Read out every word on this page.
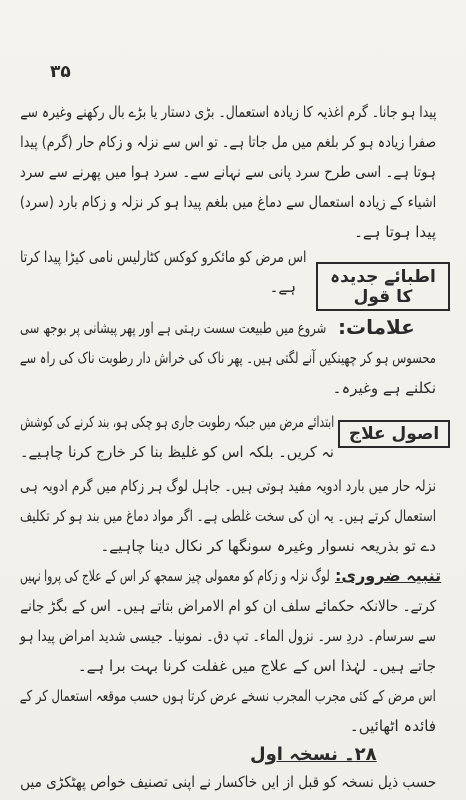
۳۵
پیدا ہو جانا۔ گرم اغذیہ کا زیادہ استعمال۔ بڑی دستار یا بڑے بال رکھنے وغیرہ سے
صفرا زیادہ ہو کر بلغم میں مل جاتا ہے۔ تو اس سے نزلہ و زکام حار (گرم) پیدا
ہوتا ہے۔ اسی طرح سرد پانی سے نہانے سے۔ سرد ہوا میں پھرنے سے سرد
اشیاء کے زیادہ استعمال سے دماغ میں بلغم پیدا ہو کر نزلہ و زکام بارد (سرد)
پیدا ہوتا ہے۔
اطبائے جدیدہ کا قول
اس مرض کو مائکرو کوکس کٹارلیس نامی کیڑا پیدا کرتا
ہے۔
علامات:
شروع میں طبیعت سست رہتی ہے اور پھر پیشانی پر بوجھ سی
محسوس ہو کر چھینکیں آنے لگتی ہیں۔ پھر ناک کی خراش دار رطوبت ناک کی راہ سے
نکلنے ہے وغیرہ۔
اصول علاج
ابتدائے مرض میں جبکہ رطوبت جاری ہو چکی ہو، بند کرنے کی کوشش
نہ کریں۔ بلکہ اس کو غلیظ بنا کر خارج کرنا چاہیے۔
نزلہ حار میں بارد ادویہ مفید ہوتی ہیں۔ جاہل لوگ ہر زکام میں گرم ادویہ ہی
استعمال کرتے ہیں۔ یہ ان کی سخت غلطی ہے۔ اگر مواد دماغ میں بند ہو کر تکلیف
دے تو بذریعہ نسوار وغیرہ سونگھا کر نکال دینا چاہیے۔
تنبیہ ضروری:
لوگ نزلہ و زکام کو معمولی چیز سمجھ کر اس کے علاج کی پروا نہیں
کرتے۔ حالانکہ حکمائے سلف ان کو ام الامراض بتاتے ہیں۔ اس کے بگڑ جانے
سے سرسام۔ دردِ سر۔ نزول الماء۔ تپ دق۔ نمونیا۔ جیسی شدید امراض پیدا ہو
جاتے ہیں۔ لہٰذا اس کے علاج میں غفلت کرنا بہت برا ہے۔
اس مرض کے کئی مجرب المجرب نسخے عرض کرتا ہوں حسب موقعہ استعمال کر کے
فائدہ اٹھائیں۔
۲۸۔ نسخہ اول
حسب ذیل نسخہ کو قبل از ایں خاکسار نے اپنی تصنیف خواص پھٹکڑی میں
